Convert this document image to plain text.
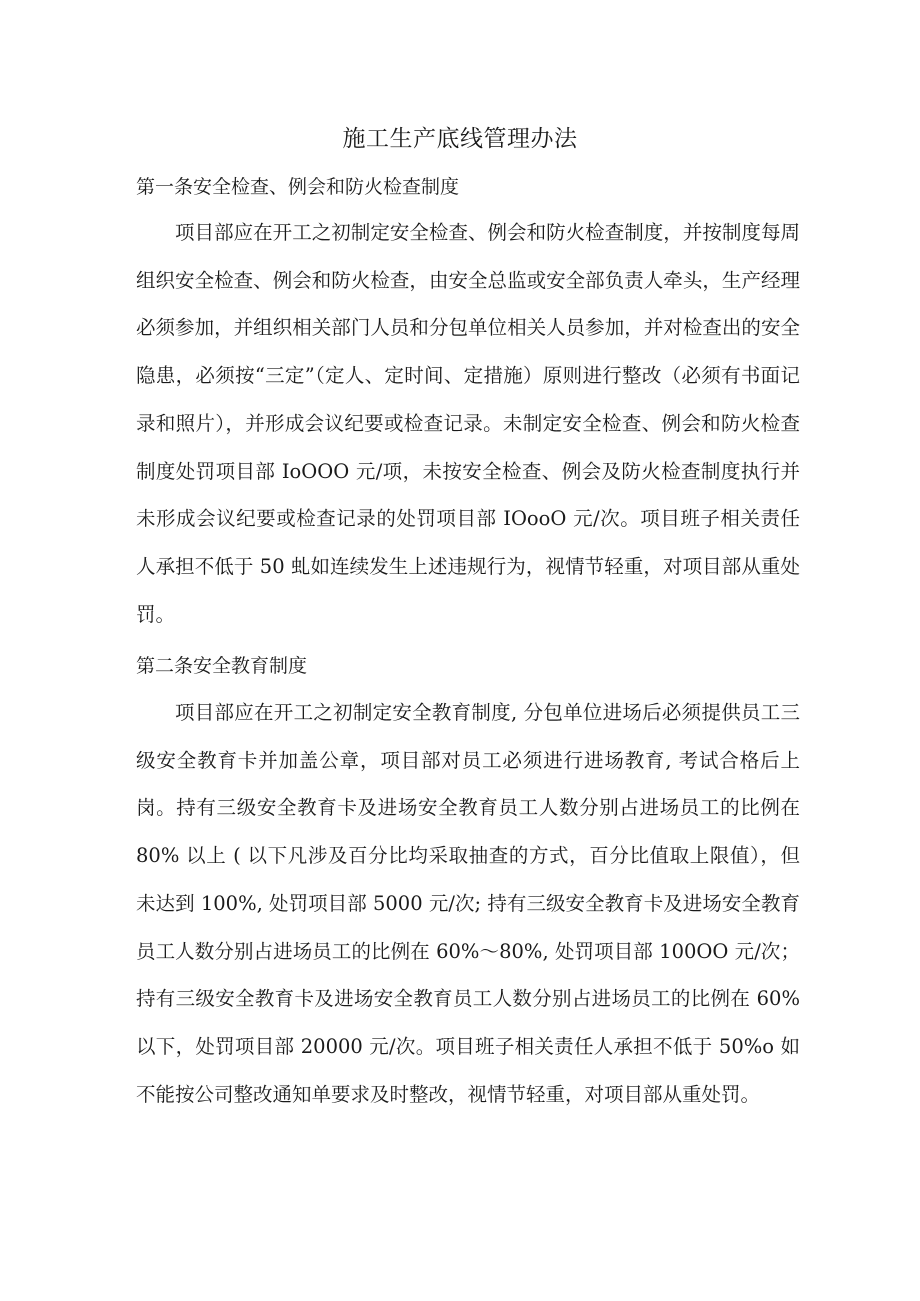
施工生产底线管理办法
第一条安全检查、例会和防火检查制度

项目部应在开工之初制定安全检查、例会和防火检查制度，并按制度每周组织安全检查、例会和防火检查，由安全总监或安全部负责人牵头，生产经理必须参加，并组织相关部门人员和分包单位相关人员参加，并对检查出的安全隐患，必须按“三定”（定人、定时间、定措施）原则进行整改（必须有书面记录和照片），并形成会议纪要或检查记录。未制定安全检查、例会和防火检查制度处罚项目部 IoOOO 元/项，未按安全检查、例会及防火检查制度执行并未形成会议纪要或检查记录的处罚项目部 IOooO 元/次。项目班子相关责任人承担不低于 50 虬如连续发生上述违规行为，视情节轻重，对项目部从重处罚。

第二条安全教育制度

项目部应在开工之初制定安全教育制度, 分包单位进场后必须提供员工三级安全教育卡并加盖公章，项目部对员工必须进行进场教育, 考试合格后上岗。持有三级安全教育卡及进场安全教育员工人数分别占进场员工的比例在 80% 以上 ( 以下凡涉及百分比均采取抽查的方式，百分比值取上限值），但未达到 100%, 处罚项目部 5000 元/次; 持有三级安全教育卡及进场安全教育员工人数分别占进场员工的比例在 60%〜80%, 处罚项目部 100OO 元/次；持有三级安全教育卡及进场安全教育员工人数分别占进场员工的比例在 60% 以下，处罚项目部 20000 元/次。项目班子相关责任人承担不低于 50%o 如不能按公司整改通知单要求及时整改，视情节轻重，对项目部从重处罚。
